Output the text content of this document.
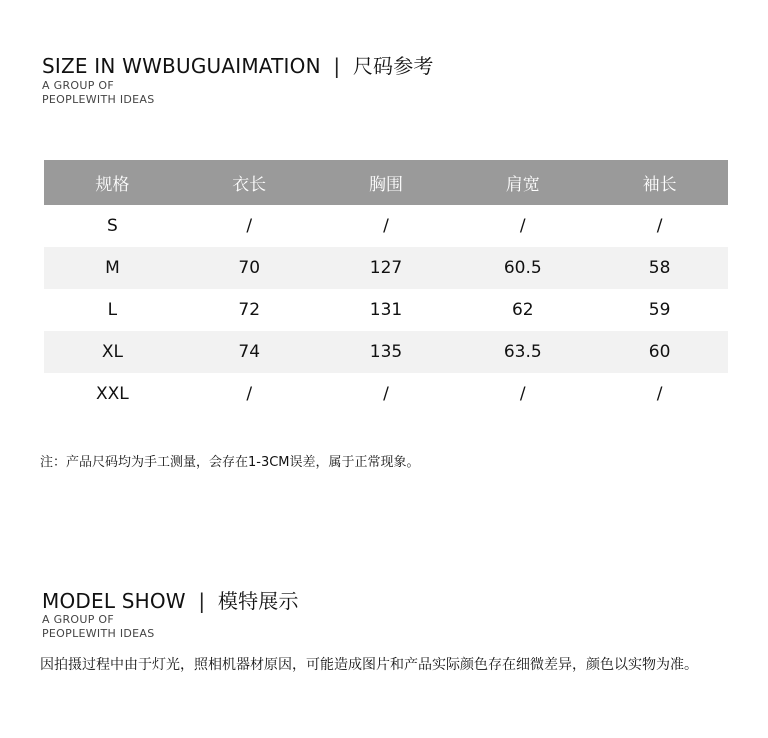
SIZE IN WWBUGUAIMATION | 尺码参考
A GROUP OF
PEOPLEWITH IDEAS
规格	衣长	胸围	肩宽	袖长
S	/	/	/	/
M	70	127	60.5	58
L	72	131	62	59
XL	74	135	63.5	60
XXL	/	/	/	/
注：产品尺码均为手工测量，会存在1-3CM误差，属于正常现象。
MODEL SHOW | 模特展示
A GROUP OF
PEOPLEWITH IDEAS
因拍摄过程中由于灯光，照相机器材原因，可能造成图片和产品实际颜色存在细微差异，颜色以实物为准。
